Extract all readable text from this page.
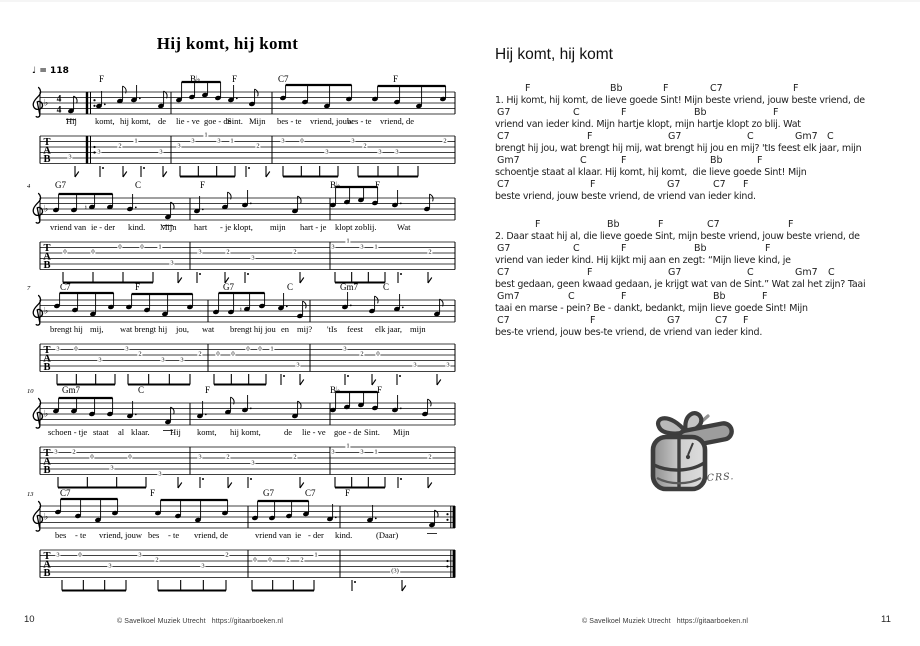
Hij komt, hij komt
♩ = 118
♭ 4
4
T
A
B
F	B♭	F	C7	F
Hij komt, hij komt, de lie - ve goe - de
Sint. Mijn bes - te vriend, jouw
bes - te vriend, de
3
3
2
1
3
3
3
1
3 1
2
3 0
3
3
2
3 3
2
♭
T
A
B
♮
4	G7	C	F	B♭	F
vriend van ie - der kind. Mijn hart - je klopt, mijn hart - je klopt zo blij. Wat
0	0
0	0 1
3
3	2
3
2
3
1
3 1
2
♭
T
A
B
♮
7	C7	F	G7	C	Gm7	C
brengt hij mij, wat brengt hij jou, wat brengt hij jou en mij? 'tIs feest elk jaar, mijn
3 0
3
3
2
3 3
2 0 0
0 0 1
3
3
2 0
3	3
♭
T
A
B
10	Gm7	C	F	B♭	F
schoen - tje staat al klaar. Hij komt, hij komt,	de lie - ve goe - de Sint. Mijn
3 2
0
3
0
3
3	2
3
2
3
1
3 1
2
♭
T
A
B
13	C7	F	G7	C7	F
bes - te vriend, jouw bes - te vriend, de	vriend van ie - der kind.	(Daar)
3	0
3
3
2
3
2
0 0 2 2
1
(3)
10	© Savelkoel Muziek Utrecht   https://gitaarboeken.nl
Hij komt, hij komt
F	Bb	F	C7	F
1. Hij komt, hij komt, de lieve goede Sint! Mijn beste vriend, jouw beste vriend, de
G7	C	F	Bb	F
vriend van ieder kind. Mijn hartje klopt, mijn hartje klopt zo blij. Wat
C7	F	G7	C	Gm7 C
brengt hij jou, wat brengt hij mij, wat brengt hij jou en mij? 'tIs feest elk jaar, mijn
Gm7	C	F	Bb	F
schoentje staat al klaar. Hij komt, hij komt,  die lieve goede Sint! Mijn
C7	F	G7	C7 F
beste vriend, jouw beste vriend, de vriend van ieder kind.
F	Bb	F	C7	F
2. Daar staat hij al, die lieve goede Sint, mijn beste vriend, jouw beste vriend, de
G7	C	F	Bb	F
vriend van ieder kind. Hij kijkt mij aan en zegt: “Mijn lieve kind, je
C7	F	G7	C	Gm7 C
best gedaan, geen kwaad gedaan, je krijgt wat van de Sint.” Wat zal het zijn? Taai
Gm7	C	F	Bb	F
taai en marse - pein? Be - dankt, bedankt, mijn lieve goede Sint! Mijn
C7	F	G7	C7 F
bes-te vriend, jouw bes-te vriend, de vriend van ieder kind.
CRS.
11
© Savelkoel Muziek Utrecht   https://gitaarboeken.nl
